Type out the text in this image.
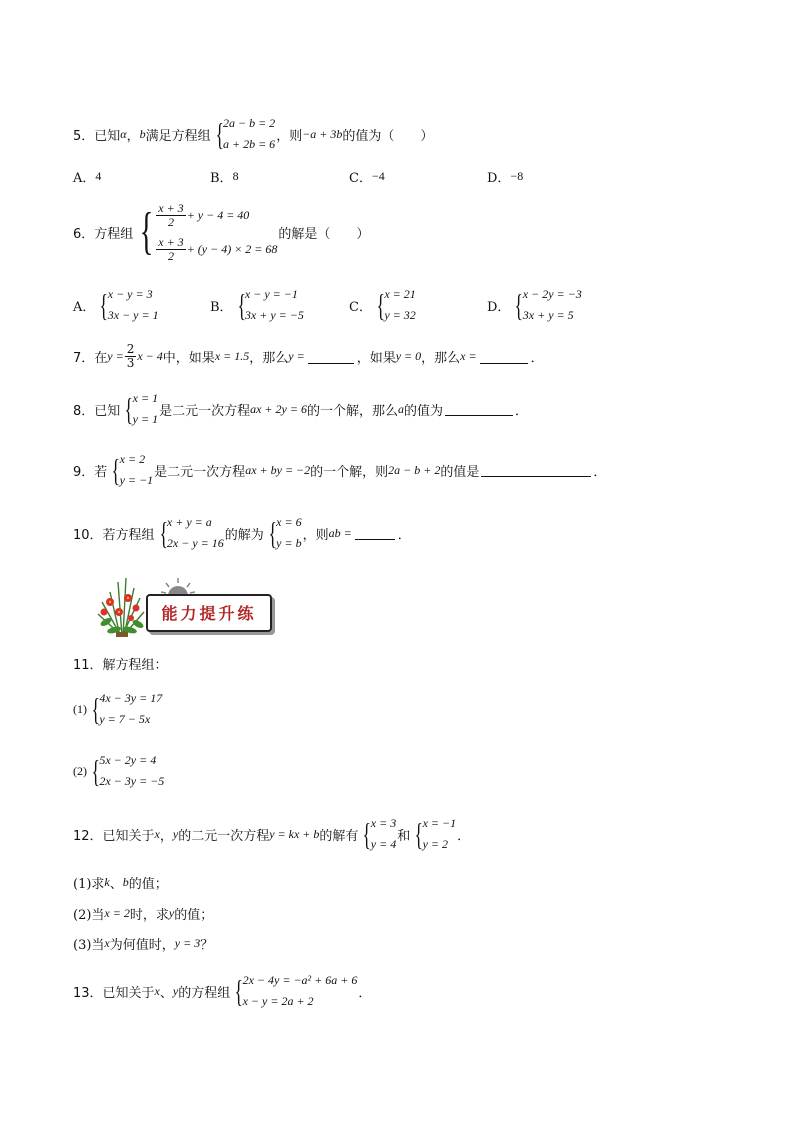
5．已知 α ， b 满足方程组 { 2a − b = 2
a + 2b = 6
，则 −a + 3b 的值为（　　）
A． 4	B． 8	C． −4	D． −8
6．方程组 { $\frac{x + 3}{2} + y - 4 = 40$
$\frac{x + 3}{2} + (y - 4) \times 2 = 68$
的解是（　　）
A． { x − y = 3
3x − y = 1
B． { x − y = −1
3x + y = −5
C． { x = 21
y = 32
D． { x − 2y = −3
3x + y = 5
7．在 $y = \frac{2}{3}$ x − 4 中，如果 x = 1.5 ，那么 y =	，如果 y = 0 ，那么 x =	．
8．已知 { x = 1
y = 1
是二元一次方程 ax + 2y = 6 的一个解，那么 a 的值为	．
9．若 { x = 2
y = −1
是二元一次方程 ax + by = −2 的一个解，则 2a − b + 2 的值是	．
10．若方程组 { x + y = a
2x − y = 16
的解为 { x = 6
y = b
，则 ab =	．
能力提升练
11．解方程组：
(1) { 4x − 3y = 17
y = 7 − 5x
(2) { 5x − 2y = 4
2x − 3y = −5
12．已知关于 x ， y 的二元一次方程 y = kx + b 的解有 { x = 3
y = 4
和 { x = −1
y = 2
．
(1)求 k 、 b 的值；
(2)当 x = 2 时，求 y 的值；
(3)当 x 为何值时， y = 3 ？
13．已知关于 x 、 y 的方程组 { 2x − 4y = −a² + 6a + 6
x − y = 2a + 2
．
